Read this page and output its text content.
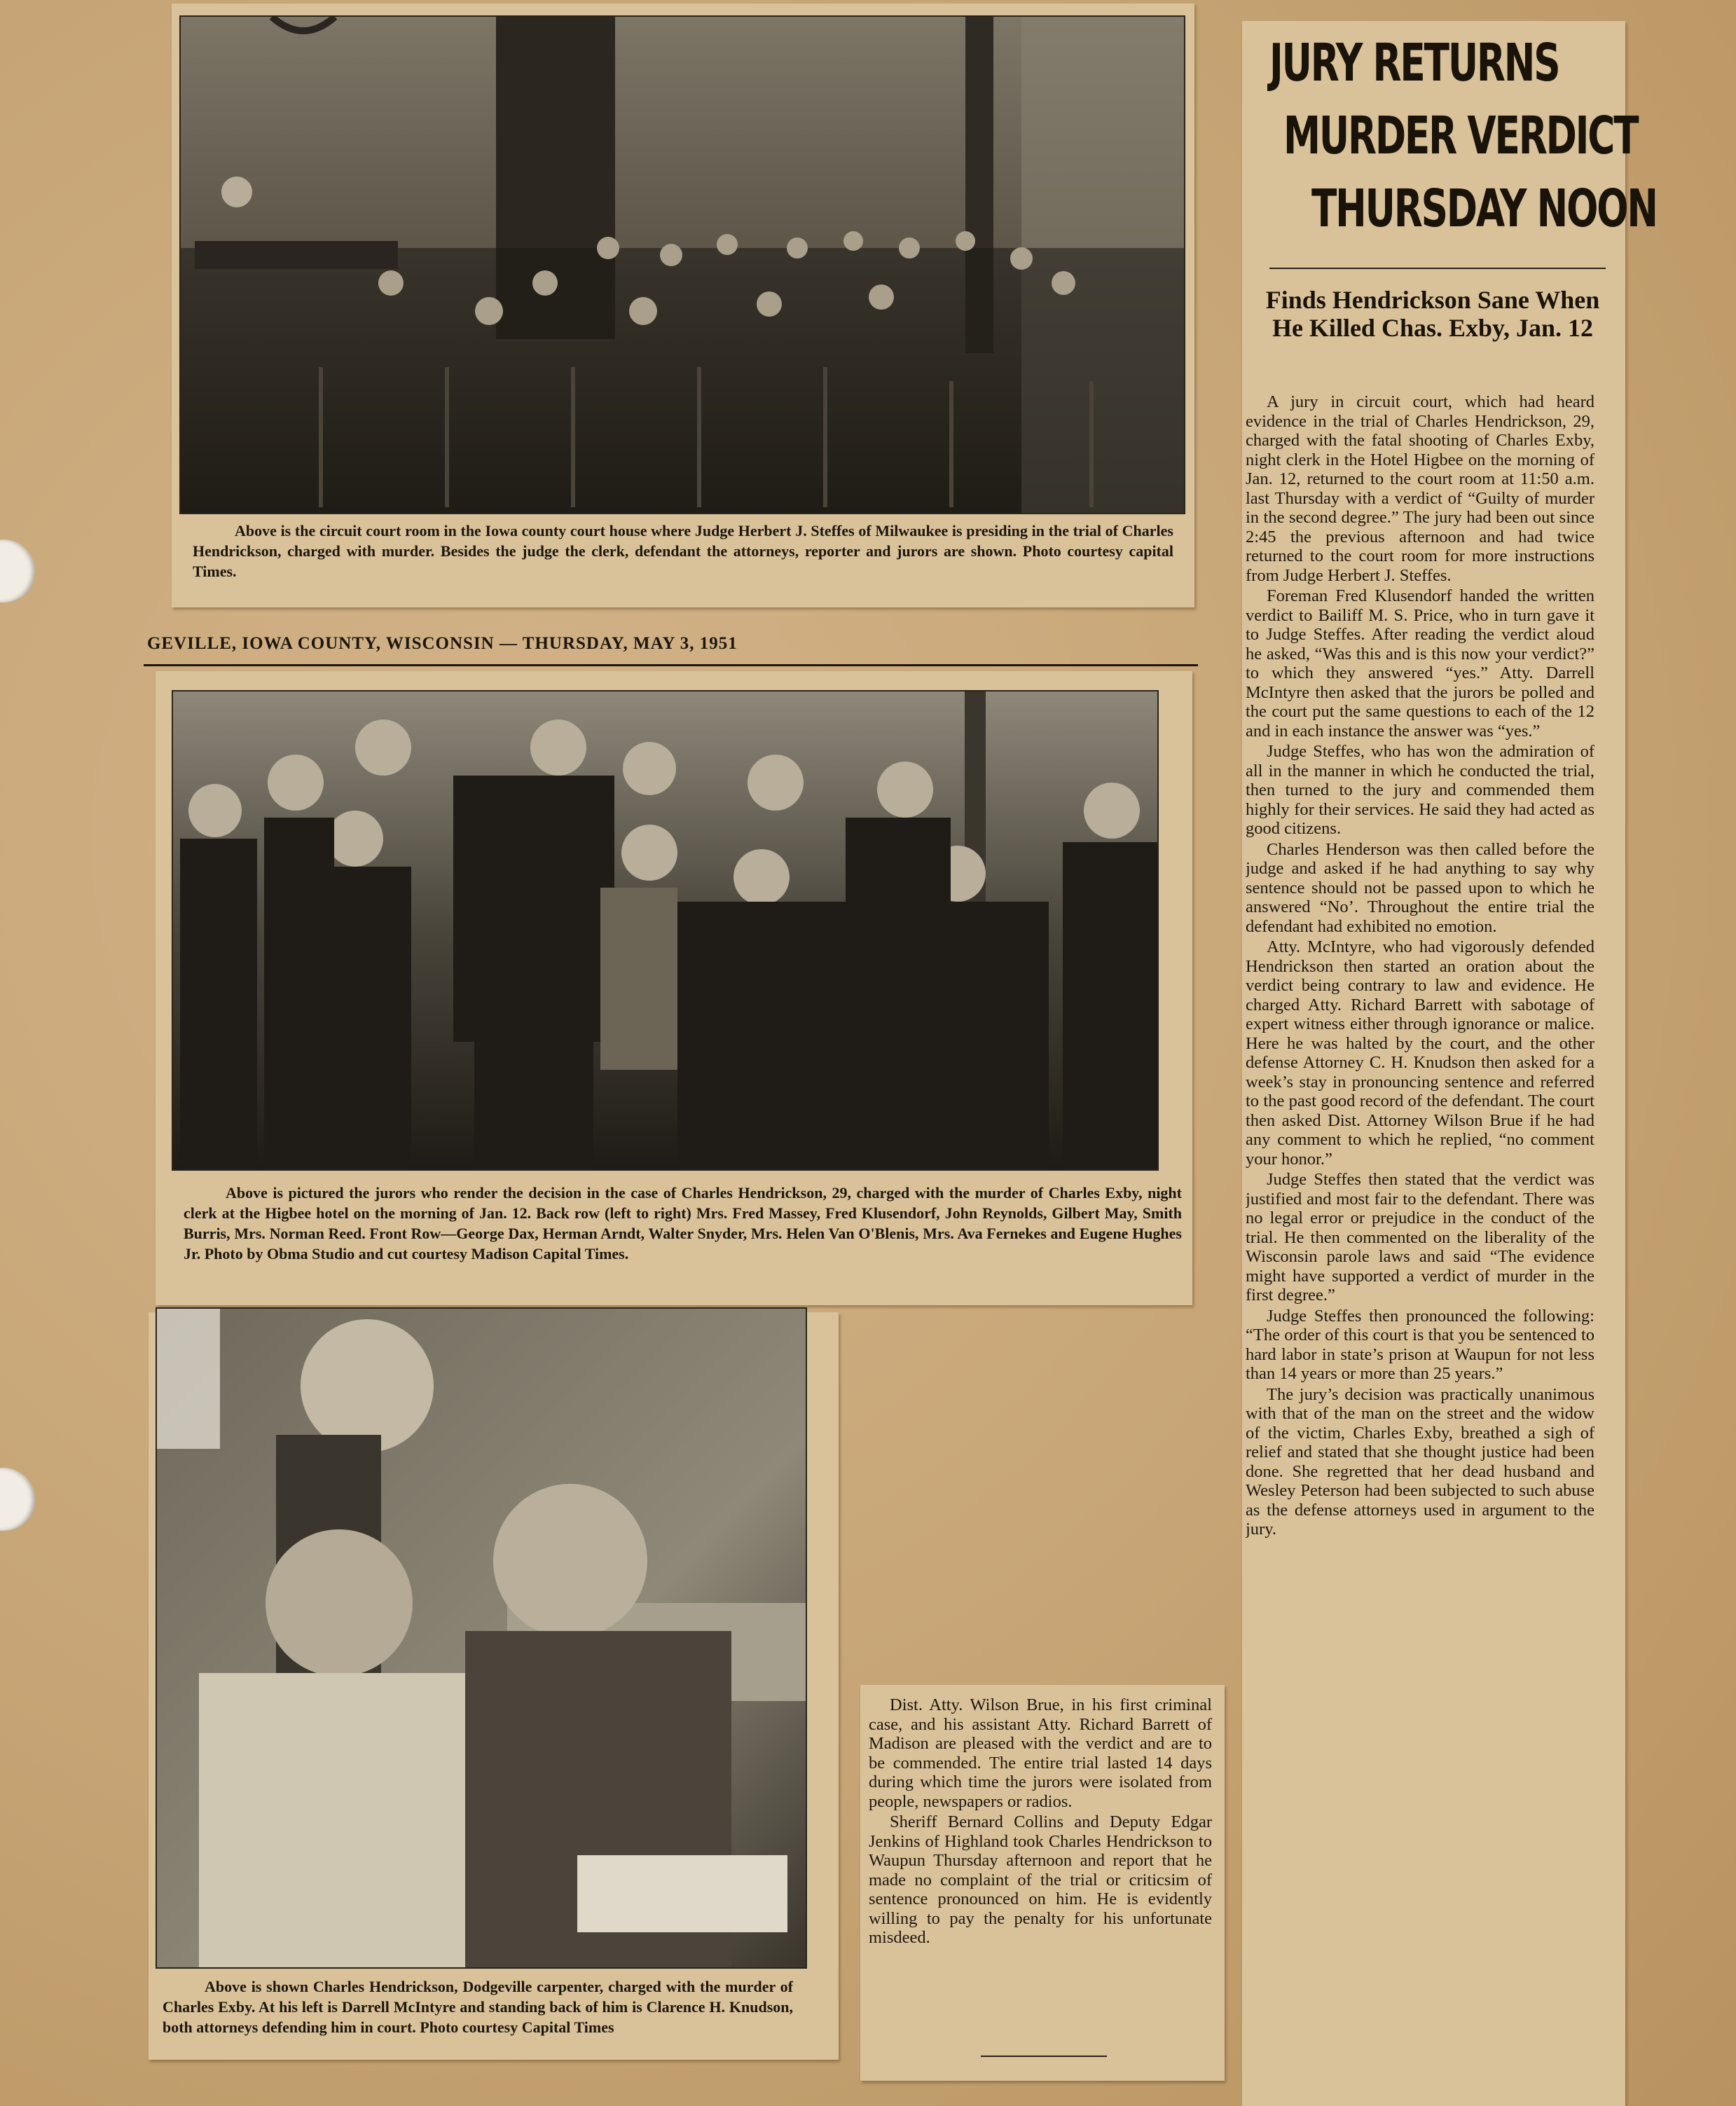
Above is the circuit court room in the Iowa county court house where Judge Herbert J. Steffes of Milwaukee is presiding in the trial of Charles Hendrickson, charged with murder. Besides the judge the clerk, defendant the attorneys, reporter and jurors are shown. Photo courtesy capital Times.
GEVILLE, IOWA COUNTY, WISCONSIN — THURSDAY, MAY 3, 1951
Above is pictured the jurors who render the decision in the case of Charles Hendrickson, 29, charged with the murder of Charles Exby, night clerk at the Higbee hotel on the morning of Jan. 12. Back row (left to right) Mrs. Fred Massey, Fred Klusendorf, John Reynolds, Gilbert May, Smith Burris, Mrs. Norman Reed. Front Row—George Dax, Herman Arndt, Walter Snyder, Mrs. Helen Van O'Blenis, Mrs. Ava Fernekes and Eugene Hughes Jr. Photo by Obma Studio and cut courtesy Madison Capital Times.
Above is shown Charles Hendrickson, Dodgeville carpenter, charged with the murder of Charles Exby. At his left is Darrell McIntyre and standing back of him is Clarence H. Knudson, both attorneys defending him in court. Photo courtesy Capital Times
JURY RETURNS
MURDER VERDICT
THURSDAY NOON
Finds Hendrickson Sane When He Killed Chas. Exby, Jan. 12

A jury in circuit court, which had heard evidence in the trial of Charles Hendrickson, 29, charged with the fatal shooting of Charles Exby, night clerk in the Hotel Higbee on the morning of Jan. 12, returned to the court room at 11:50 a.m. last Thursday with a verdict of “Guilty of murder in the second degree.” The jury had been out since 2:45 the previous afternoon and had twice returned to the court room for more instructions from Judge Herbert J. Steffes.

Foreman Fred Klusendorf handed the written verdict to Bailiff M. S. Price, who in turn gave it to Judge Steffes. After reading the verdict aloud he asked, “Was this and is this now your verdict?” to which they answered “yes.” Atty. Darrell McIntyre then asked that the jurors be polled and the court put the same questions to each of the 12 and in each instance the answer was “yes.”

Judge Steffes, who has won the admiration of all in the manner in which he conducted the trial, then turned to the jury and commended them highly for their services. He said they had acted as good citizens.

Charles Henderson was then called before the judge and asked if he had anything to say why sentence should not be passed upon to which he answered “No’. Throughout the entire trial the defendant had exhibited no emotion.

Atty. McIntyre, who had vigorously defended Hendrickson then started an oration about the verdict being contrary to law and evidence. He charged Atty. Richard Barrett with sabotage of expert witness either through ignorance or malice. Here he was halted by the court, and the other defense Attorney C. H. Knudson then asked for a week’s stay in pronouncing sentence and referred to the past good record of the defendant. The court then asked Dist. Attorney Wilson Brue if he had any comment to which he replied, “no comment your honor.”

Judge Steffes then stated that the verdict was justified and most fair to the defendant. There was no legal error or prejudice in the conduct of the trial. He then commented on the liberality of the Wisconsin parole laws and said “The evidence might have supported a verdict of murder in the first degree.”

Judge Steffes then pronounced the following: “The order of this court is that you be sentenced to hard labor in state’s prison at Waupun for not less than 14 years or more than 25 years.”

The jury’s decision was practically unanimous with that of the man on the street and the widow of the victim, Charles Exby, breathed a sigh of relief and stated that she thought justice had been done. She regretted that her dead husband and Wesley Peterson had been subjected to such abuse as the defense attorneys used in argument to the jury.

Dist. Atty. Wilson Brue, in his first criminal case, and his assistant Atty. Richard Barrett of Madison are pleased with the verdict and are to be commended. The entire trial lasted 14 days during which time the jurors were isolated from people, newspapers or radios.

Sheriff Bernard Collins and Deputy Edgar Jenkins of Highland took Charles Hendrickson to Waupun Thursday afternoon and report that he made no complaint of the trial or criticsim of sentence pronounced on him. He is evidently willing to pay the penalty for his unfortunate misdeed.
